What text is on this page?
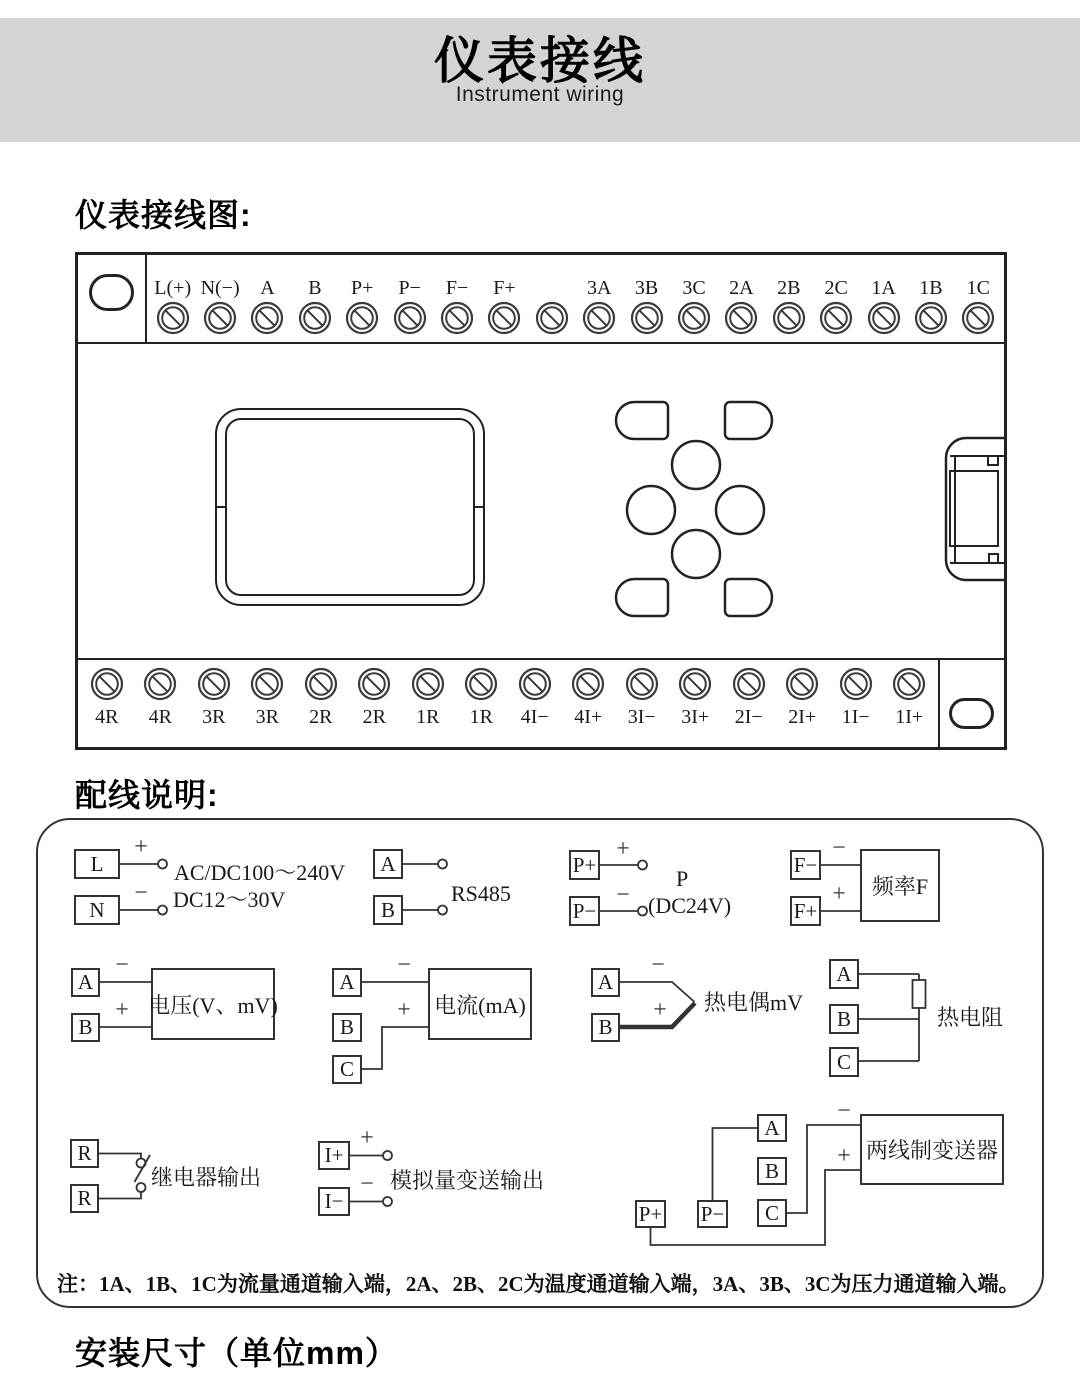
仪表接线
Instrument wiring
仪表接线图:
配线说明:
安装尺寸（单位mm）
L(+) N(−) A B P+ P− F− F+	3A 3B 3C 2A 2B 2C 1A 1B 1C
4R 4R 3R 3R 2R 2R 1R 1R 4I− 4I+ 3I− 3I+ 2I− 2I+ 1I− 1I+
+
−
+
−
−
+
−
+
−
+
−
+
+
−
−
+
L
N
A
B
P+
P−
F−
F+
频率F
A
B
电压(V、mV)
A
B
C
电流(mA)
A
B
A
B
C
R
R
I+
I−
P+ P−
A
B
C
两线制变送器
AC/DC100～240V
DC12～30V	RS485
P
(DC24V)
热电偶mV
热电阻
继电器输出	模拟量变送输出
注：1A、1B、1C为流量通道输入端，2A、2B、2C为温度通道输入端，3A、3B、3C为压力通道输入端。
